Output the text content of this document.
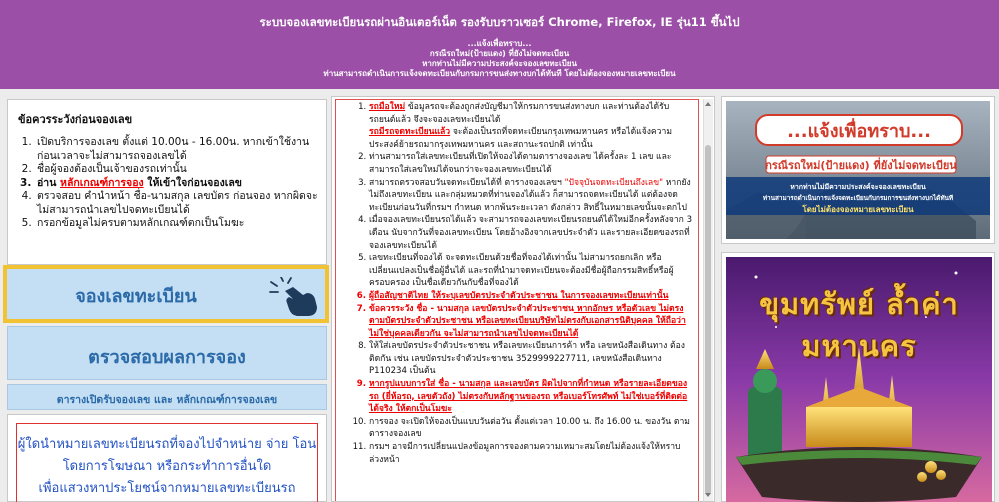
ระบบจองเลขทะเบียนรถผ่านอินเตอร์เน็ต รองรับบราวเซอร์ Chrome, Firefox, IE รุ่น11 ขึ้นไป
...แจ้งเพื่อทราบ...
กรณีรถใหม่(ป้ายแดง) ที่ยังไม่จดทะเบียน
หากท่านไม่มีความประสงค์จะจองเลขทะเบียน
ท่านสามารถดำเนินการแจ้งจดทะเบียนกับกรมการขนส่งทางบกได้ทันที โดยไม่ต้องจองหมายเลขทะเบียน
ข้อควรระวังก่อนจองเลข
1. เปิดบริการจองเลข ตั้งแต่ 10.00น - 16.00น. หากเข้าใช้งานก่อนเวลาจะไม่สามารถจองเลขได้
2. ชื่อผู้จองต้องเป็นเจ้าของรถเท่านั้น
3. อ่าน หลักเกณฑ์การจอง ให้เข้าใจก่อนจองเลข
4. ตรวจสอบ คำนำหน้า ชื่อ-นามสกุล เลขบัตร ก่อนจอง หากผิดจะไม่สามารถนำเลขไปจดทะเบียนได้
5. กรอกข้อมูลไม่ครบตามหลักเกณฑ์ตกเป็นโมฆะ
จองเลขทะเบียน
ตรวจสอบผลการจอง
ตารางเปิดรับจองเลข และ หลักเกณฑ์การจองเลข
ผู้ใดนำหมายเลขทะเบียนรถที่จองไปจำหน่าย จ่าย โอน
โดยการโฆษณา หรือกระทำการอื่นใด
เพื่อแสวงหาประโยชน์จากหมายเลขทะเบียนรถ
1. รถมือใหม่ ข้อมูลรถจะต้องถูกส่งบัญชีมาให้กรมการขนส่งทางบก และท่านต้องได้รับรถยนต์แล้ว จึงจะจองเลขทะเบียนได้
รถมีรถจดทะเบียนแล้ว จะต้องเป็นรถที่จดทะเบียนกรุงเทพมหานคร หรือได้แจ้งความประสงค์ย้ายรถมากรุงเทพมหานคร และสถานะรถปกติ เท่านั้น
2. ท่านสามารถใส่เลขทะเบียนที่เปิดให้จองได้ตามตารางจองเลข ได้ครั้งละ 1 เลข และสามารถใส่เลขใหม่ได้จนกว่าจะจองเลขทะเบียนได้
3. สามารถตรวจสอบวันจดทะเบียนได้ที่ ตารางจองเลขฯ "ปัจจุบันจดทะเบียนถึงเลข" หากยังไม่ถึงเลขทะเบียน และกลุ่มหมวดที่ท่านจองได้แล้ว ก็สามารถจดทะเบียนได้ แต่ต้องจดทะเบียนก่อนวันที่กรมฯ กำหนด หากพ้นระยะเวลา ดังกล่าว สิทธิ์ในหมายเลขนั้นจะตกไป
4. เมื่อจองเลขทะเบียนรถได้แล้ว จะสามารถจองเลขทะเบียนรถยนต์ได้ใหม่อีกครั้งหลังจาก 3 เดือน นับจากวันที่จองเลขทะเบียน โดยอ้างอิงจากเลขประจำตัว และรายละเอียดของรถที่จองเลขทะเบียนได้
5. เลขทะเบียนที่จองได้ จะจดทะเบียนด้วยชื่อที่จองได้เท่านั้น ไม่สามารถยกเลิก หรือเปลี่ยนแปลงเป็นชื่อผู้อื่นได้ และรถที่นำมาจดทะเบียนจะต้องมีชื่อผู้ถือกรรมสิทธิ์หรือผู้ครอบครอง เป็นชื่อเดียวกันกับชื่อที่จองได้
6. ผู้ถือสัญชาติไทย ให้ระบุเลขบัตรประจำตัวประชาชน ในการจองเลขทะเบียนเท่านั้น
7. ข้อควรระวัง ชื่อ - นามสกุล เลขบัตรประจำตัวประชาชน หากอักษร หรือตัวเลข ไม่ตรงตามบัตรประจำตัวประชาชน หรือเลขทะเบียนบริษัทไม่ตรงกับเอกสารนิติบุคคล ให้ถือว่าไม่ใช่บุคคลเดียวกัน จะไม่สามารถนำเลขไปจดทะเบียนได้
8. ให้ใส่เลขบัตรประจำตัวประชาชน หรือเลขทะเบียนการค้า หรือ เลขหนังสือเดินทาง ต้องติดกัน เช่น เลขบัตรประจำตัวประชาชน 3529999227711, เลขหนังสือเดินทาง P110234 เป็นต้น
9. หากรูปแบบการใส่ ชื่อ - นามสกุล และเลขบัตร ผิดไปจากที่กำหนด หรือรายละเอียดของรถ (ยี่ห้อรถ, เลขตัวถัง) ไม่ตรงกับหลักฐานของรถ หรือเบอร์โทรศัพท์ ไม่ใช่เบอร์ที่ติดต่อได้จริง ให้ตกเป็นโมฆะ
10. การจอง จะเปิดให้จองเป็นแบบวันต่อวัน ตั้งแต่เวลา 10.00 น. ถึง 16.00 น. ของวัน ตามตารางจองเลข
11. กรมฯ อาจมีการเปลี่ยนแปลงข้อมูลการจองตามความเหมาะสมโดยไม่ต้องแจ้งให้ทราบล่วงหน้า
...แจ้งเพื่อทราบ...
กรณีรถใหม่(ป้ายแดง) ที่ยังไม่จดทะเบียน
หากท่านไม่มีความประสงค์จะจองเลขทะเบียน
ท่านสามารถดำเนินการแจ้งจดทะเบียนกับกรมการขนส่งทางบกได้ทันที
โดยไม่ต้องจองหมายเลขทะเบียน
ขุมทรัพย์ ล้ำค่า
มหานคร
